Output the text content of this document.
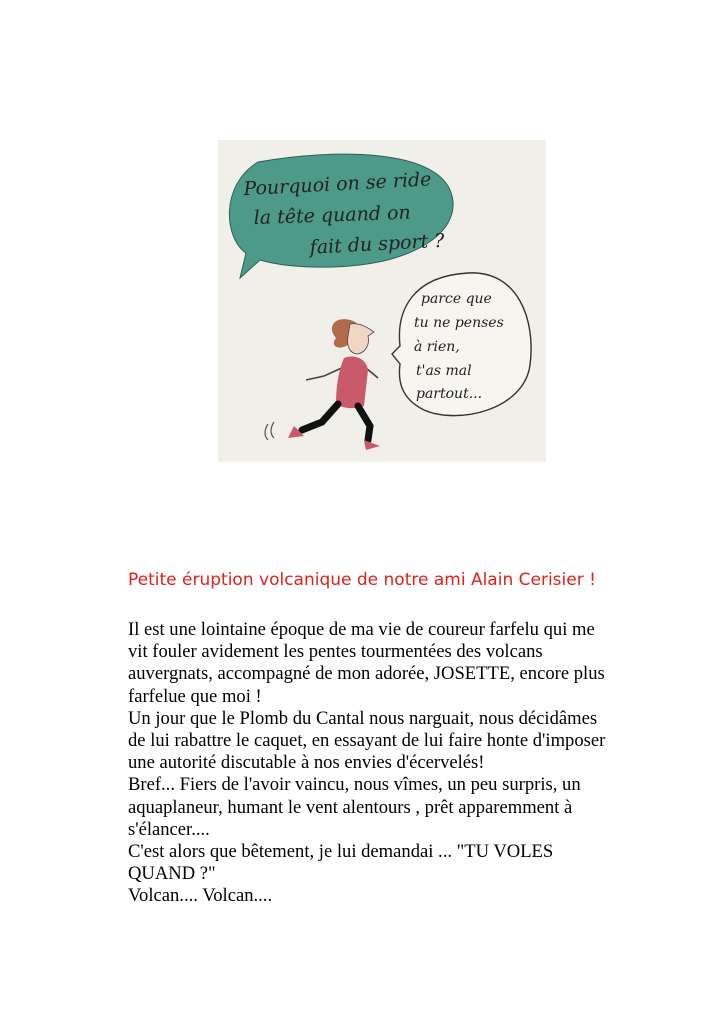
Pourquoi on se ride
la tête quand on
fait du sport ?
parce que
tu ne penses
à rien,
t'as mal
partout...
Petite éruption volcanique de notre ami Alain Cerisier !
Il est une lointaine époque de ma vie de coureur farfelu qui me
vit fouler avidement les pentes tourmentées des volcans
auvergnats, accompagné de mon adorée, JOSETTE, encore plus
farfelue que moi !
Un jour que le Plomb du Cantal nous narguait, nous décidâmes
de lui rabattre le caquet, en essayant de lui faire honte d'imposer
une autorité discutable à nos envies d'écervelés!
Bref... Fiers de l'avoir vaincu, nous vîmes, un peu surpris, un
aquaplaneur, humant le vent alentours , prêt apparemment à
s'élancer....
C'est alors que bêtement, je lui demandai ... "TU VOLES
QUAND ?"
Volcan.... Volcan....
